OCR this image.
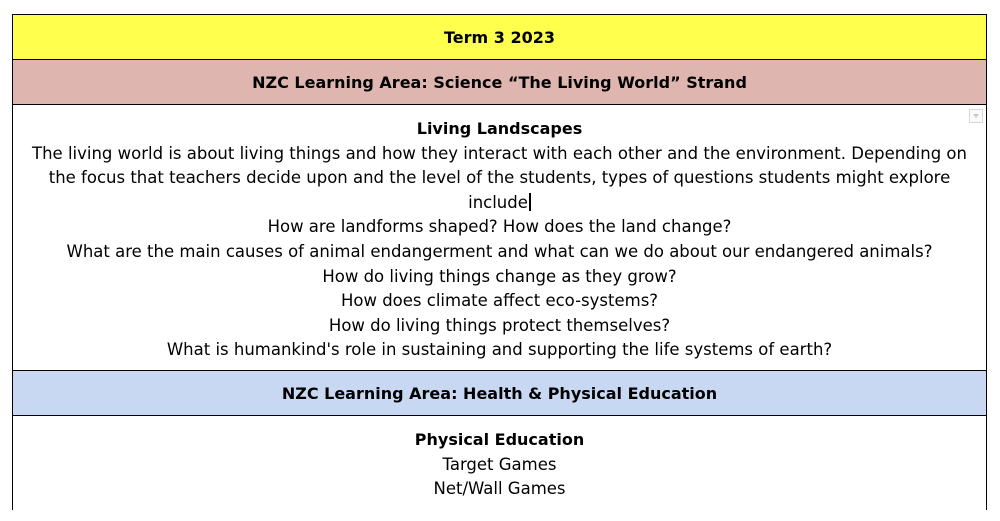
Term 3 2023
NZC Learning Area: Science “The Living World” Strand
Living Landscapes
The living world is about living things and how they interact with each other and the environment. Depending on the focus that teachers decide upon and the level of the students, types of questions students might explore include
How are landforms shaped? How does the land change?
What are the main causes of animal endangerment and what can we do about our endangered animals?
How do living things change as they grow?
How does climate affect eco-systems?
How do living things protect themselves?
What is humankind's role in sustaining and supporting the life systems of earth?
NZC Learning Area: Health & Physical Education
Physical Education
Target Games
Net/Wall Games
